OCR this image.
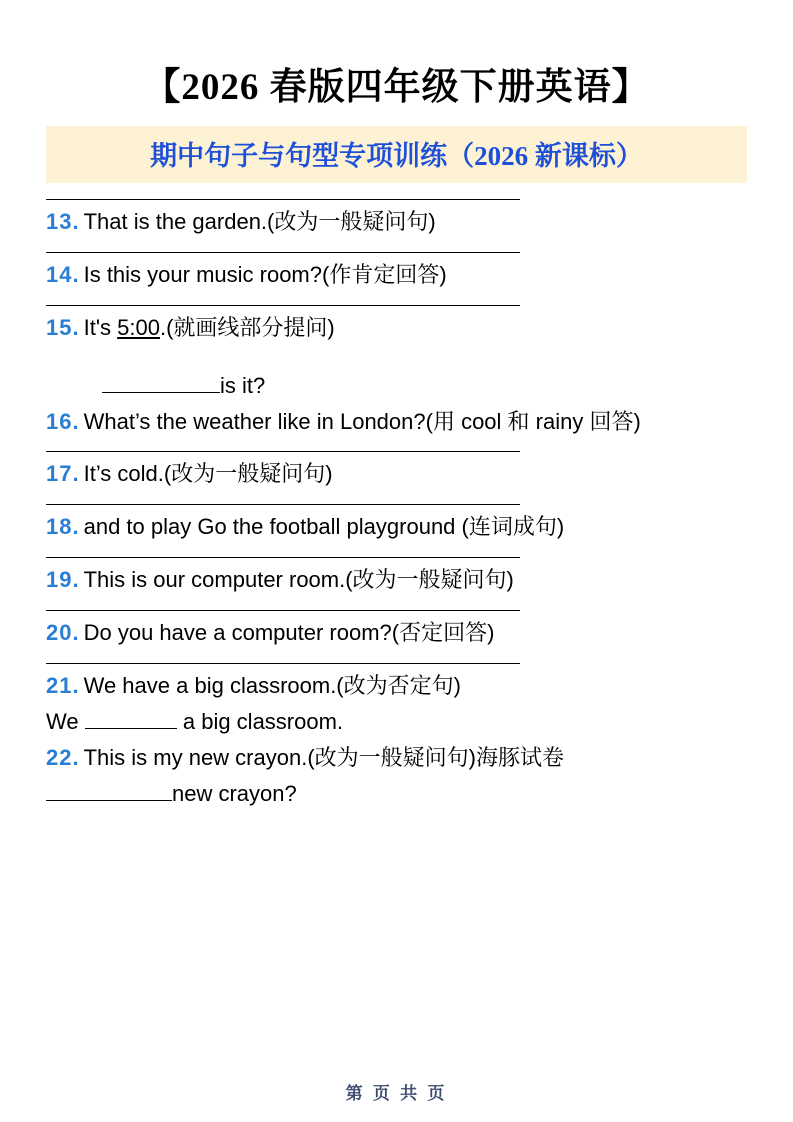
【2026 春版四年级下册英语】
期中句子与句型专项训练（2026 新课标）

13. That is the garden.(改为一般疑问句)

14. Is this your music room?(作肯定回答)

15. It's 5:00.(就画线部分提问)

is it?

16. What’s the weather like in London?(用 cool 和 rainy 回答)

17. It’s cold.(改为一般疑问句)

18. and to play Go the football playground (连词成句)

19. This is our computer room.(改为一般疑问句)

20. Do you have a computer room?(否定回答)

21. We have a big classroom.(改为否定句)

We	a big classroom.

22. This is my new crayon.(改为一般疑问句)海豚试卷

new crayon?

第 页 共 页
